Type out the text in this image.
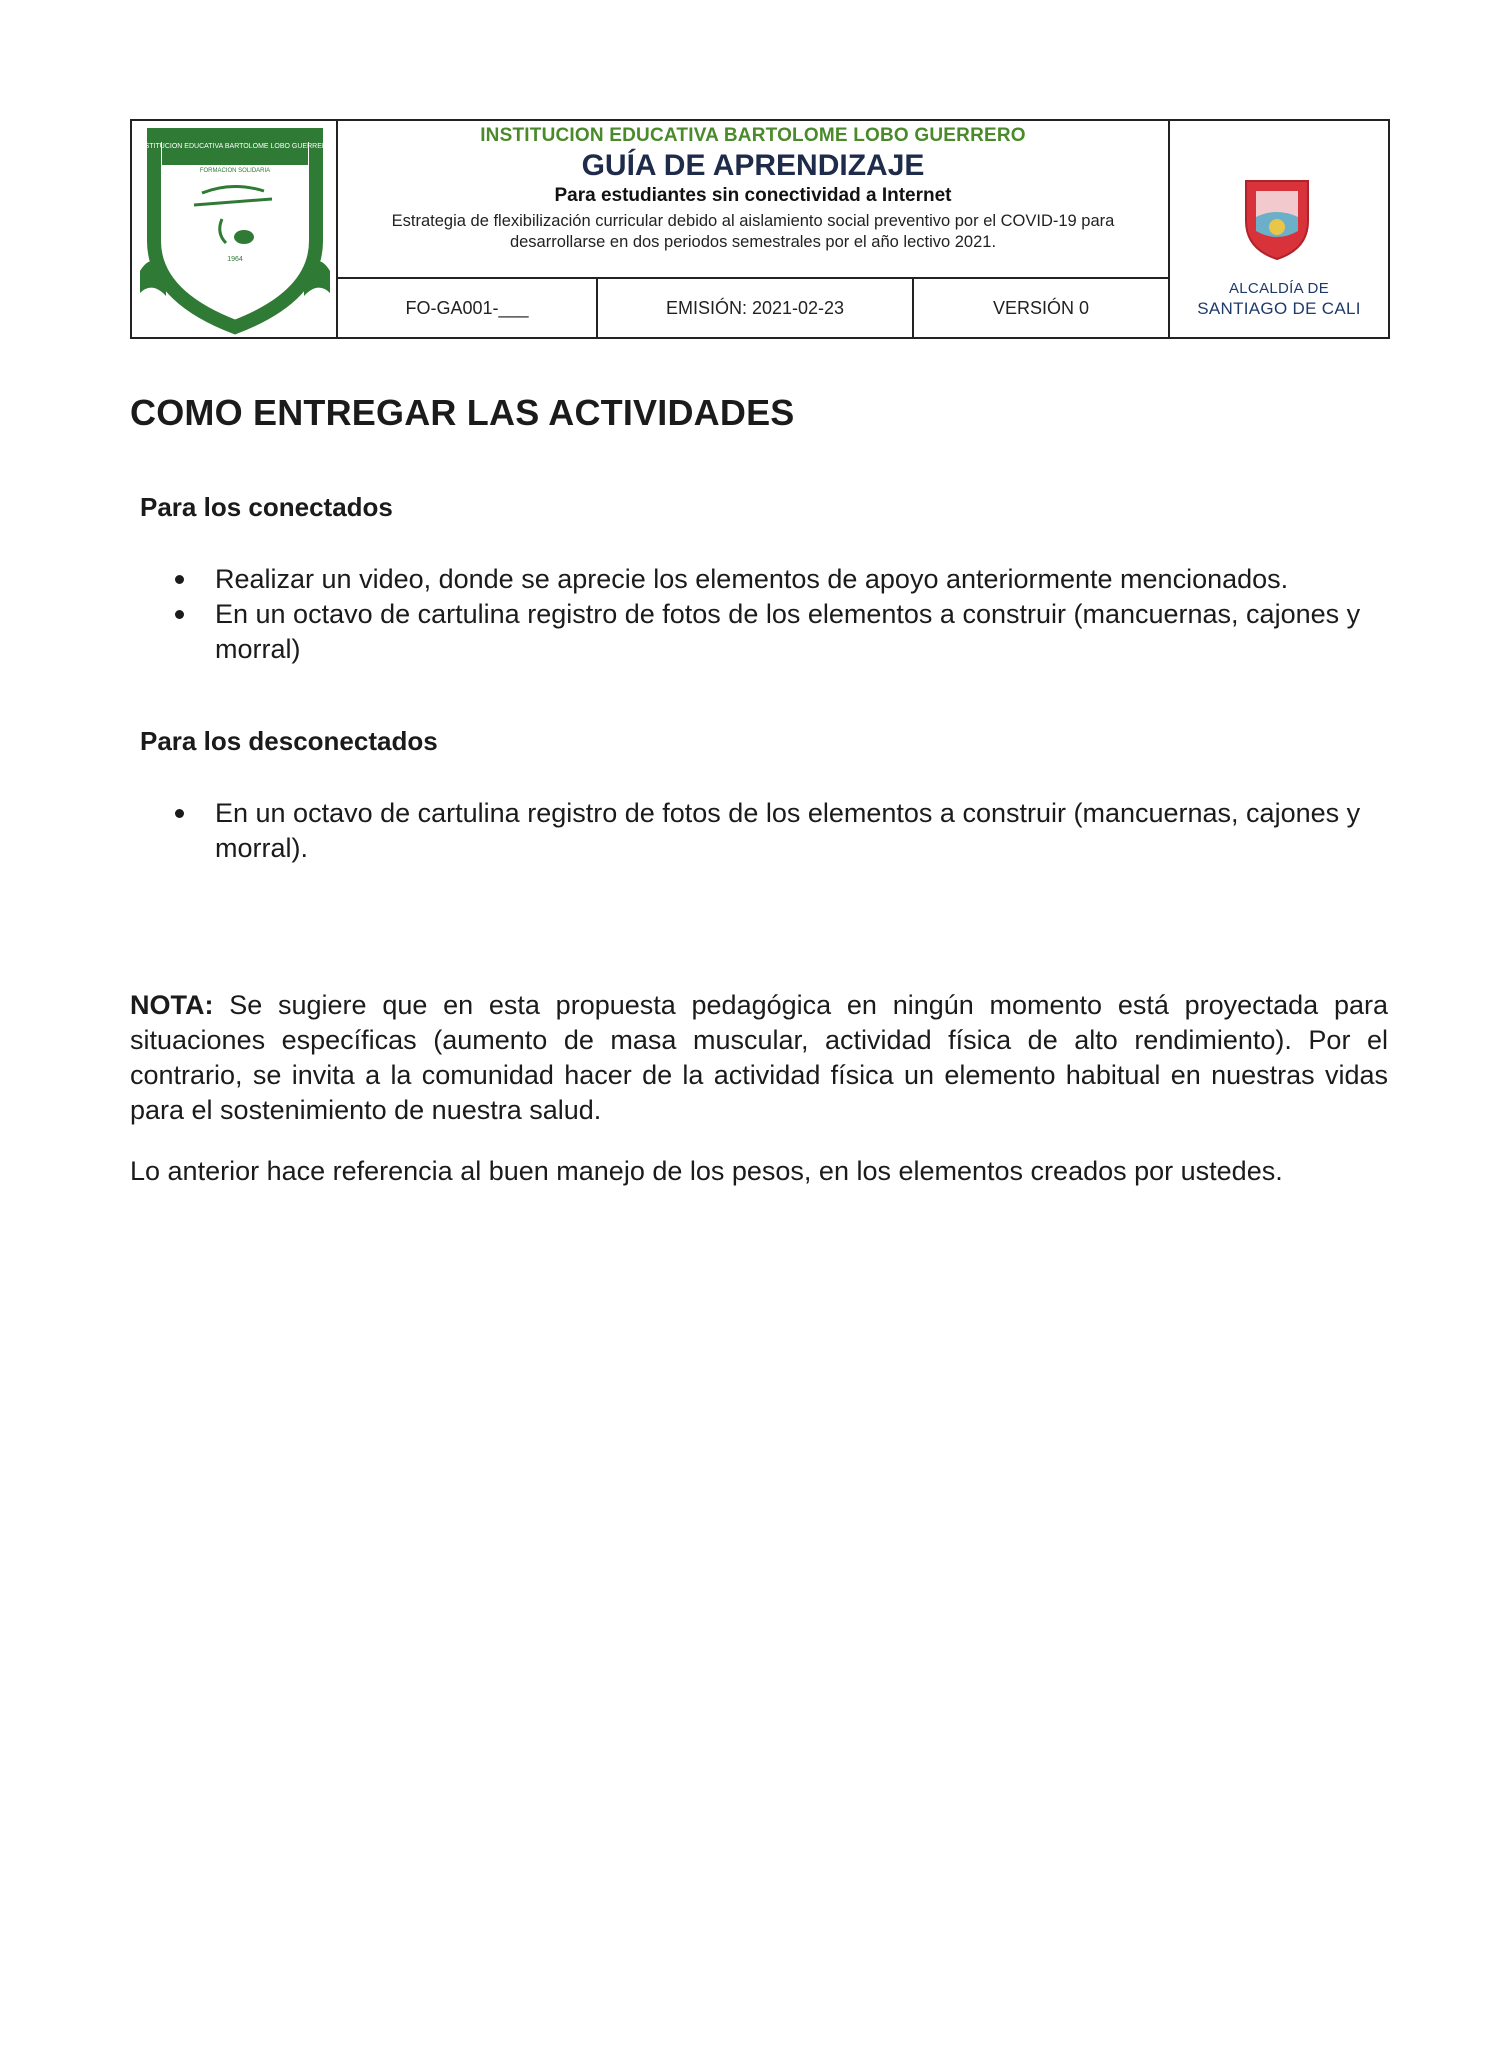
INSTITUCION EDUCATIVA BARTOLOME LOBO GUERRERO
FORMACION SOLIDARIA
1964
SANTIAGO DE CALI
INSTITUCION EDUCATIVA BARTOLOME LOBO GUERRERO
GUÍA DE APRENDIZAJE
Para estudiantes sin conectividad a Internet
Estrategia de flexibilización curricular debido al aislamiento social preventivo por el COVID-19 para desarrollarse en dos periodos semestrales por el año lectivo 2021.
FO-GA001-___	EMISIÓN: 2021-02-23	VERSIÓN 0
ALCALDÍA DE
SANTIAGO DE CALI
COMO ENTREGAR LAS ACTIVIDADES
Para los conectados
Realizar un video, donde se aprecie los elementos de apoyo anteriormente mencionados.
En un octavo de cartulina registro de fotos de los elementos a construir (mancuernas, cajones y morral)
Para los desconectados
En un octavo de cartulina registro de fotos de los elementos a construir (mancuernas, cajones y morral).

NOTA: Se sugiere que en esta propuesta pedagógica en ningún momento está proyectada para situaciones específicas (aumento de masa muscular, actividad física de alto rendimiento). Por el contrario, se invita a la comunidad hacer de la actividad física un elemento habitual en nuestras vidas para el sostenimiento de nuestra salud.

Lo anterior hace referencia al buen manejo de los pesos, en los elementos creados por ustedes.
